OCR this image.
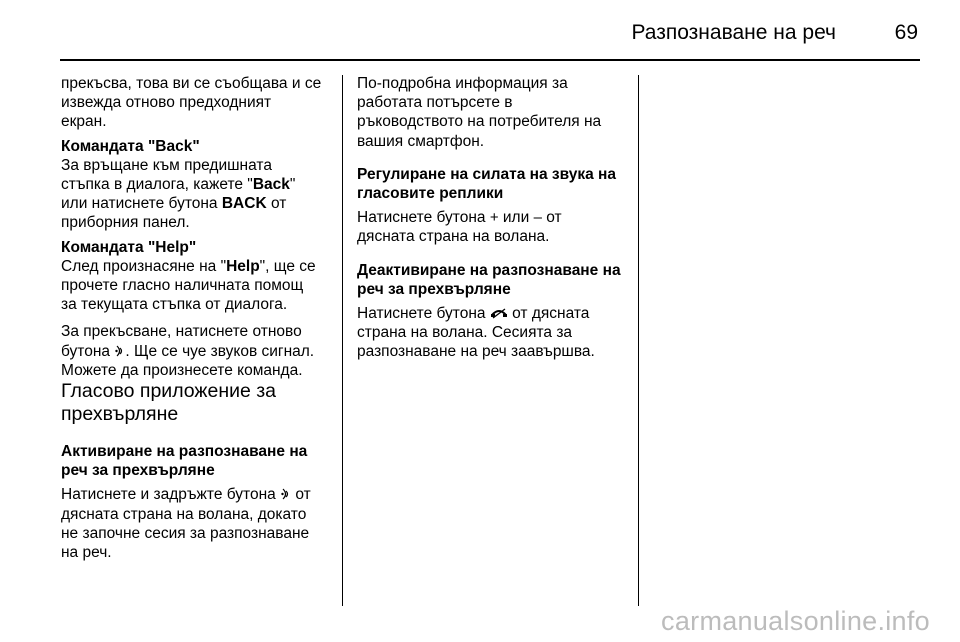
Разпознаване на реч	69

прекъсва, това ви се съобщава и се

извежда отново предходният

екран.

Командата "Back"

За връщане към предишната

стъпка в диалога, кажете "Back"

или натиснете бутона BACK от

приборния панел.

Командата "Help"

След произнасяне на "Help", ще се

прочете гласно наличната помощ

за текущата стъпка от диалога.

За прекъсване, натиснете отново

бутона . Ще се чуе звуков сигнал.

Можете да произнесете команда.

Гласово приложение за

прехвърляне

Активиране на разпознаване на

реч за прехвърляне

Натиснете и задръжте бутона  от

дясната страна на волана, докато

не започне сесия за разпознаване

на реч.

По-подробна информация за

работата потърсете в

ръководството на потребителя на

вашия смартфон.

Регулиране на силата на звука на

гласовите реплики

Натиснете бутона + или – от

дясната страна на волана.

Деактивиране на разпознаване на

реч за прехвърляне

Натиснете бутона  от дясната

страна на волана. Сесията за

разпознаване на реч заавършва.

carmanualsonline.info
